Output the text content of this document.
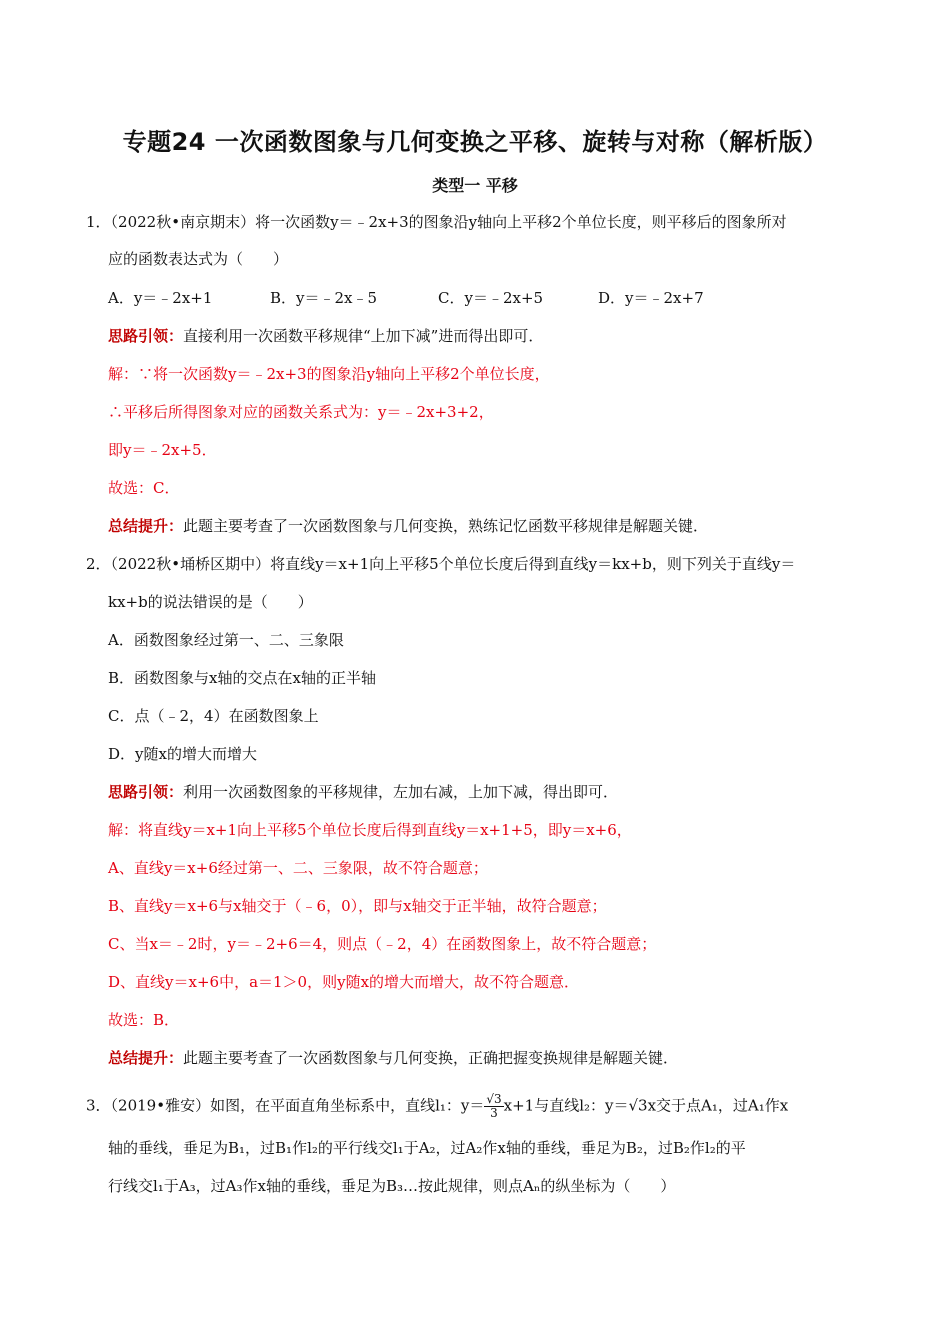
专题24 一次函数图象与几何变换之平移、旋转与对称（解析版）
类型一 平移
1．（2022秋•南京期末）将一次函数y＝﹣2x+3的图象沿y轴向上平移2个单位长度，则平移后的图象所对
应的函数表达式为（　　）
A．y＝﹣2x+1	B．y＝﹣2x﹣5	C．y＝﹣2x+5	D．y＝﹣2x+7
思路引领：直接利用一次函数平移规律“上加下减”进而得出即可．
解：∵将一次函数y＝﹣2x+3的图象沿y轴向上平移2个单位长度，
∴平移后所得图象对应的函数关系式为：y＝﹣2x+3+2，
即y＝﹣2x+5．
故选：C．
总结提升：此题主要考查了一次函数图象与几何变换，熟练记忆函数平移规律是解题关键．
2．（2022秋•埇桥区期中）将直线y＝x+1向上平移5个单位长度后得到直线y＝kx+b，则下列关于直线y＝
kx+b的说法错误的是（　　）
A．函数图象经过第一、二、三象限
B．函数图象与x轴的交点在x轴的正半轴
C．点（﹣2，4）在函数图象上
D．y随x的增大而增大
思路引领：利用一次函数图象的平移规律，左加右减，上加下减，得出即可．
解：将直线y＝x+1向上平移5个单位长度后得到直线y＝x+1+5，即y＝x+6，
A、直线y＝x+6经过第一、二、三象限，故不符合题意；
B、直线y＝x+6与x轴交于（﹣6，0），即与x轴交于正半轴，故符合题意；
C、当x＝﹣2时，y＝﹣2+6＝4，则点（﹣2，4）在函数图象上，故不符合题意；
D、直线y＝x+6中，a＝1＞0，则y随x的增大而增大，故不符合题意．
故选：B．
总结提升：此题主要考查了一次函数图象与几何变换，正确把握变换规律是解题关键．
3．（2019•雅安）如图，在平面直角坐标系中，直线l₁：$y= \frac{√3}{3} x+1$与直线l₂：y＝√3x交于点A₁，过A₁作x
轴的垂线，垂足为B₁，过B₁作l₂的平行线交l₁于A₂，过A₂作x轴的垂线，垂足为B₂，过B₂作l₂的平
行线交l₁于A₃，过A₃作x轴的垂线，垂足为B₃…按此规律，则点Aₙ的纵坐标为（　　）
